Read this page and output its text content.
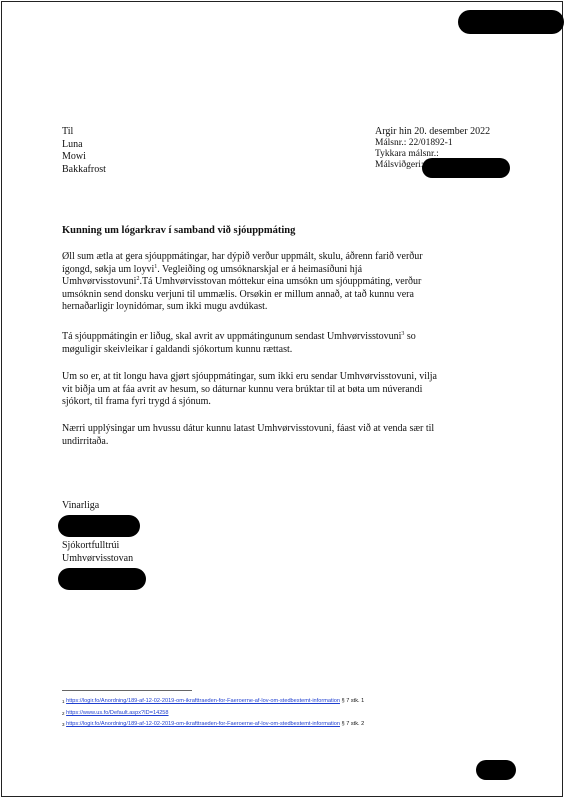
Til
Luna
Mowi
Bakkafrost
Argir hin 20. desember 2022
Málsnr.: 22/01892-1
Tykkara málsnr.:
Málsviðgeri:
Kunning um lógarkrav í samband við sjóuppmáting
Øll sum ætla at gera sjóuppmátingar, har dýpið verður uppmált, skulu, áðrenn farið verður
ígongd, søkja um loyvi$^1$. Vegleiðing og umsóknarskjal er á heimasíðuni hjá
Umhvørvisstovuni$^2$.Tá Umhvørvisstovan móttekur eina umsókn um sjóuppmáting, verður
umsóknin send donsku verjuni til ummælis. Orsøkin er millum annað, at tað kunnu vera
hernaðarligir loynidómar, sum ikki mugu avdúkast.
Tá sjóuppmátingin er liðug, skal avrit av uppmátingunum sendast Umhvørvisstovuni$^3$ so
møguligir skeivleikar í galdandi sjókortum kunnu rættast.
Um so er, at tit longu hava gjørt sjóuppmátingar, sum ikki eru sendar Umhvørvisstovuni, vilja
vit biðja um at fáa avrit av hesum, so dáturnar kunnu vera brúktar til at bøta um núverandi
sjókort, til frama fyri trygd á sjónum.
Nærri upplýsingar um hvussu dátur kunnu latast Umhvørvisstovuni, fáast við at venda sær til
undirritaða.
Vinarliga
Sjókortfulltrúi
Umhvørvisstovan
$^1$ https://logir.fo/Anordning/189-af-12-02-2019-om-ikrafttraeden-for-Faeroerne-af-lov-om-stedbestemt-information § 7 stk. 1
$^2$ https://www.us.fo/Default.aspx?ID=14258
$^3$ https://logir.fo/Anordning/189-af-12-02-2019-om-ikrafttraeden-for-Faeroerne-af-lov-om-stedbestemt-information § 7 stk. 2
